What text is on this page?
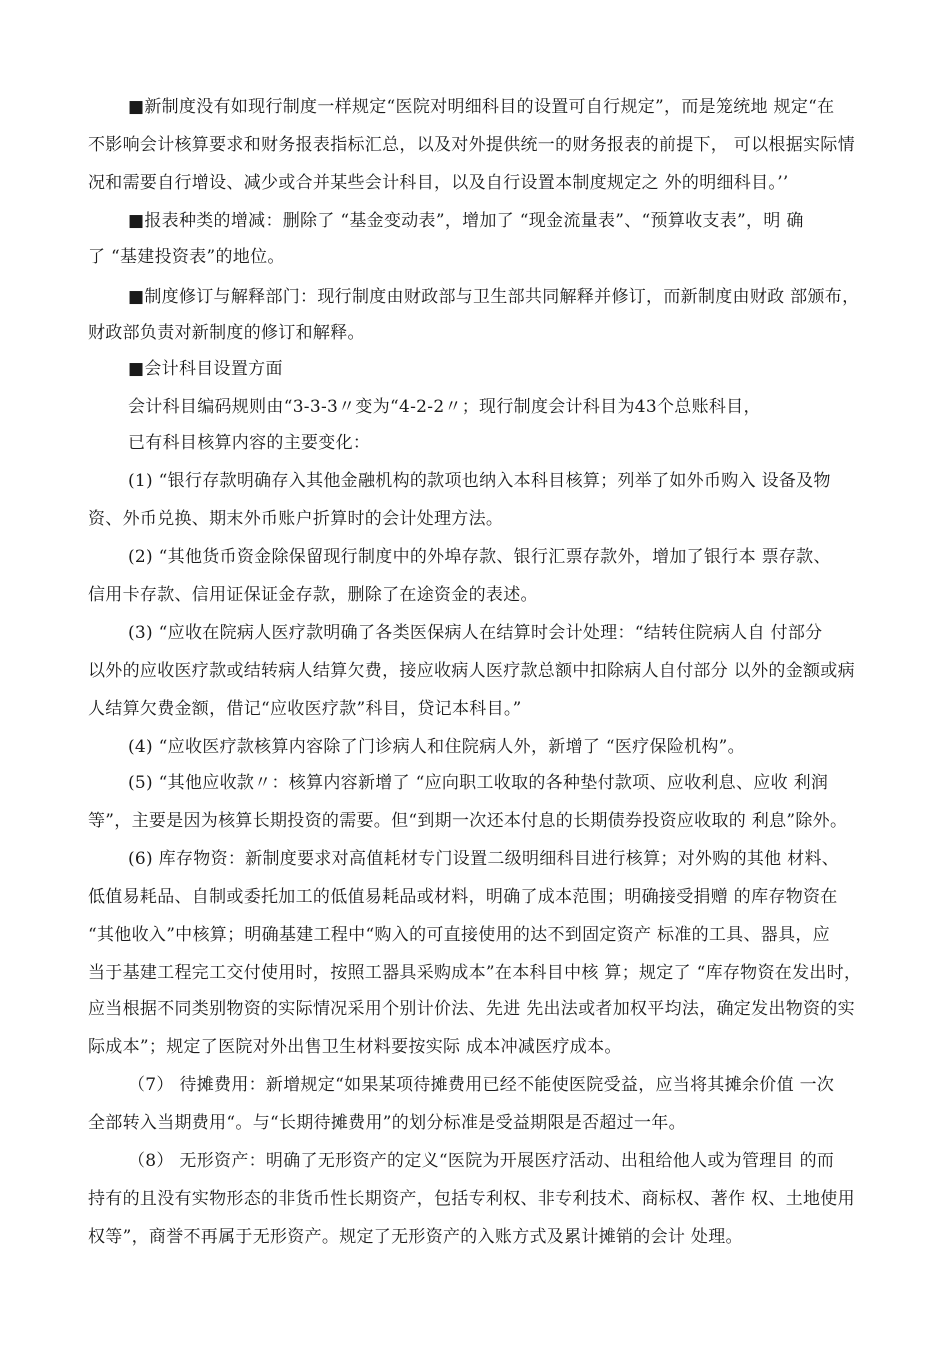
■新制度没有如现行制度一样规定“医院对明细科目的设置可自行规定”，而是笼统地 规定“在
不影响会计核算要求和财务报表指标汇总，以及对外提供统一的财务报表的前提下， 可以根据实际情
况和需要自行增设、减少或合并某些会计科目，以及自行设置本制度规定之 外的明细科目。’’
■报表种类的增减：删除了 “基金变动表”，增加了 “现金流量表”、“预算收支表”，明 确
了 “基建投资表”的地位。
■制度修订与解释部门：现行制度由财政部与卫生部共同解释并修订，而新制度由财政 部颁布，
财政部负责对新制度的修订和解释。
■会计科目设置方面
会计科目编码规则由“3-3-3〃变为“4-2-2〃；现行制度会计科目为43个总账科目，
已有科目核算内容的主要变化：
(1) “银行存款明确存入其他金融机构的款项也纳入本科目核算；列举了如外币购入 设备及物
资、外币兑换、期末外币账户折算时的会计处理方法。
(2) “其他货币资金除保留现行制度中的外埠存款、银行汇票存款外，增加了银行本 票存款、
信用卡存款、信用证保证金存款，删除了在途资金的表述。
(3) “应收在院病人医疗款明确了各类医保病人在结算时会计处理：“结转住院病人自 付部分
以外的应收医疗款或结转病人结算欠费，接应收病人医疗款总额中扣除病人自付部分 以外的金额或病
人结算欠费金额，借记“应收医疗款”科目，贷记本科目。”
(4) “应收医疗款核算内容除了门诊病人和住院病人外，新增了 “医疗保险机构”。
(5) “其他应收款〃：核算内容新增了 “应向职工收取的各种垫付款项、应收利息、应收 利润
等”，主要是因为核算长期投资的需要。但“到期一次还本付息的长期债券投资应收取的 利息”除外。
(6) 库存物资：新制度要求对高值耗材专门设置二级明细科目进行核算；对外购的其他 材料、
低值易耗品、自制或委托加工的低值易耗品或材料，明确了成本范围；明确接受捐赠 的库存物资在
“其他收入”中核算；明确基建工程中“购入的可直接使用的达不到固定资产 标准的工具、器具，应
当于基建工程完工交付使用时，按照工器具采购成本”在本科目中核 算；规定了 “库存物资在发出时，
应当根据不同类别物资的实际情况采用个别计价法、先进 先出法或者加权平均法，确定发出物资的实
际成本”；规定了医院对外出售卫生材料要按实际 成本冲减医疗成本。
（7） 待摊费用：新增规定“如果某项待摊费用已经不能使医院受益，应当将其摊余价值 一次
全部转入当期费用“。与“长期待摊费用”的划分标准是受益期限是否超过一年。
（8） 无形资产：明确了无形资产的定义“医院为开展医疗活动、出租给他人或为管理目 的而
持有的且没有实物形态的非货币性长期资产，包括专利权、非专利技术、商标权、著作 权、土地使用
权等”，商誉不再属于无形资产。规定了无形资产的入账方式及累计摊销的会计 处理。
